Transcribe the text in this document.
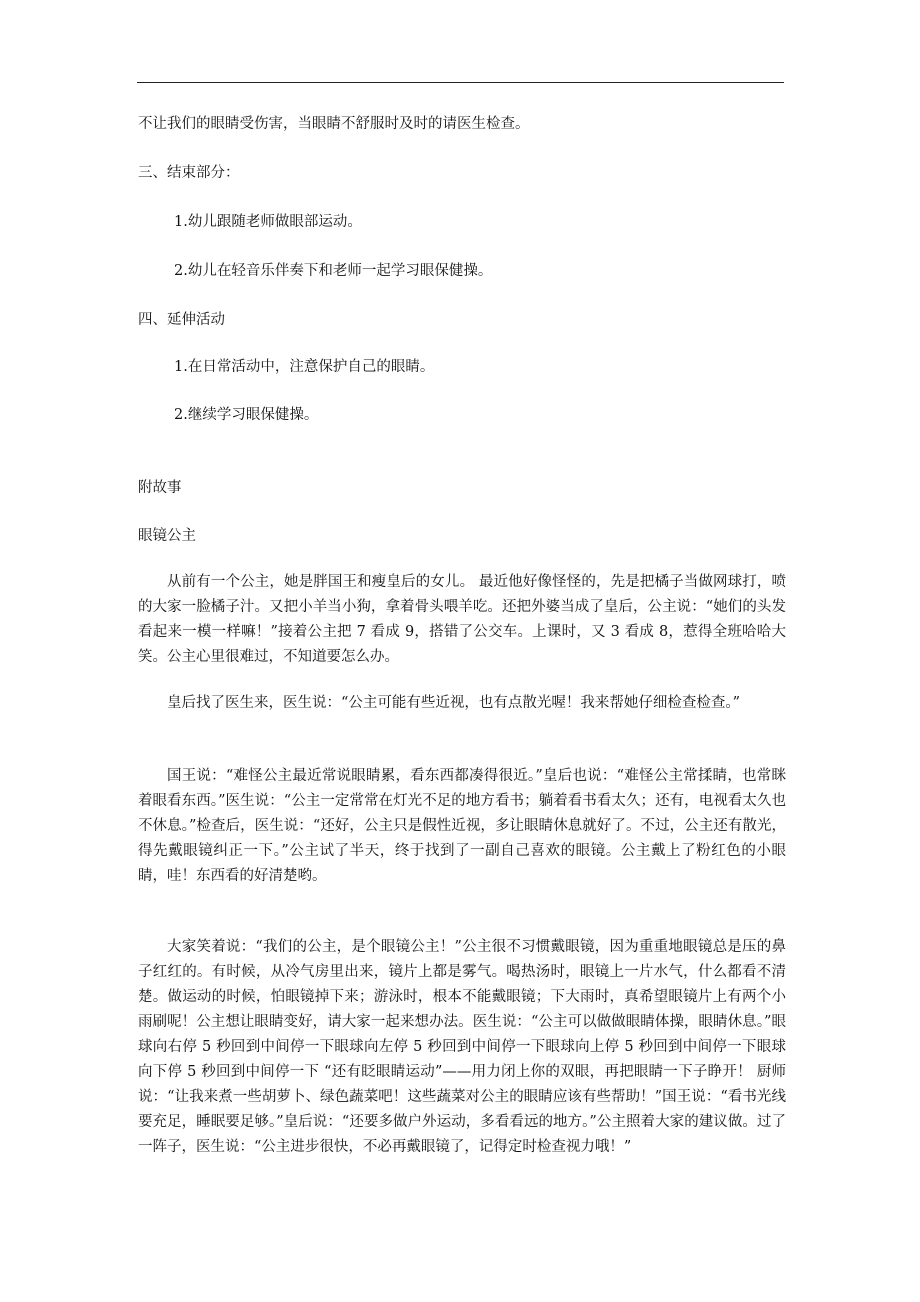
不让我们的眼睛受伤害，当眼睛不舒服时及时的请医生检查。
三、结束部分：
1.幼儿跟随老师做眼部运动。
2.幼儿在轻音乐伴奏下和老师一起学习眼保健操。
四、延伸活动
1.在日常活动中，注意保护自己的眼睛。
2.继续学习眼保健操。
附故事
眼镜公主

从前有一个公主，她是胖国王和瘦皇后的女儿。 最近他好像怪怪的，先是把橘子当做网球打，喷的大家一脸橘子汁。又把小羊当小狗，拿着骨头喂羊吃。还把外婆当成了皇后，公主说：“她们的头发看起来一模一样嘛！”接着公主把 7 看成 9，搭错了公交车。上课时，又 3 看成 8，惹得全班哈哈大笑。公主心里很难过，不知道要怎么办。

皇后找了医生来，医生说：“公主可能有些近视，也有点散光喔！我来帮她仔细检查检查。”

国王说：“难怪公主最近常说眼睛累，看东西都凑得很近。”皇后也说：“难怪公主常揉睛，也常眯着眼看东西。”医生说：“公主一定常常在灯光不足的地方看书；躺着看书看太久；还有，电视看太久也不休息。”检查后，医生说：“还好，公主只是假性近视，多让眼睛休息就好了。不过，公主还有散光，得先戴眼镜纠正一下。”公主试了半天，终于找到了一副自己喜欢的眼镜。公主戴上了粉红色的小眼睛，哇！东西看的好清楚哟。

大家笑着说：“我们的公主，是个眼镜公主！”公主很不习惯戴眼镜，因为重重地眼镜总是压的鼻子红红的。有时候，从冷气房里出来，镜片上都是雾气。喝热汤时，眼镜上一片水气，什么都看不清楚。做运动的时候，怕眼镜掉下来；游泳时，根本不能戴眼镜；下大雨时，真希望眼镜片上有两个小雨刷呢！公主想让眼睛变好，请大家一起来想办法。医生说：“公主可以做做眼睛体操，眼睛休息。”眼球向右停 5 秒回到中间停一下眼球向左停 5 秒回到中间停一下眼球向上停 5 秒回到中间停一下眼球向下停 5 秒回到中间停一下 “还有眨眼睛运动”——用力闭上你的双眼，再把眼睛一下子睁开！ 厨师说：“让我来煮一些胡萝卜、绿色蔬菜吧！这些蔬菜对公主的眼睛应该有些帮助！”国王说：“看书光线要充足，睡眠要足够。”皇后说：“还要多做户外运动，多看看远的地方。”公主照着大家的建议做。过了一阵子，医生说：“公主进步很快，不必再戴眼镜了，记得定时检查视力哦！”
